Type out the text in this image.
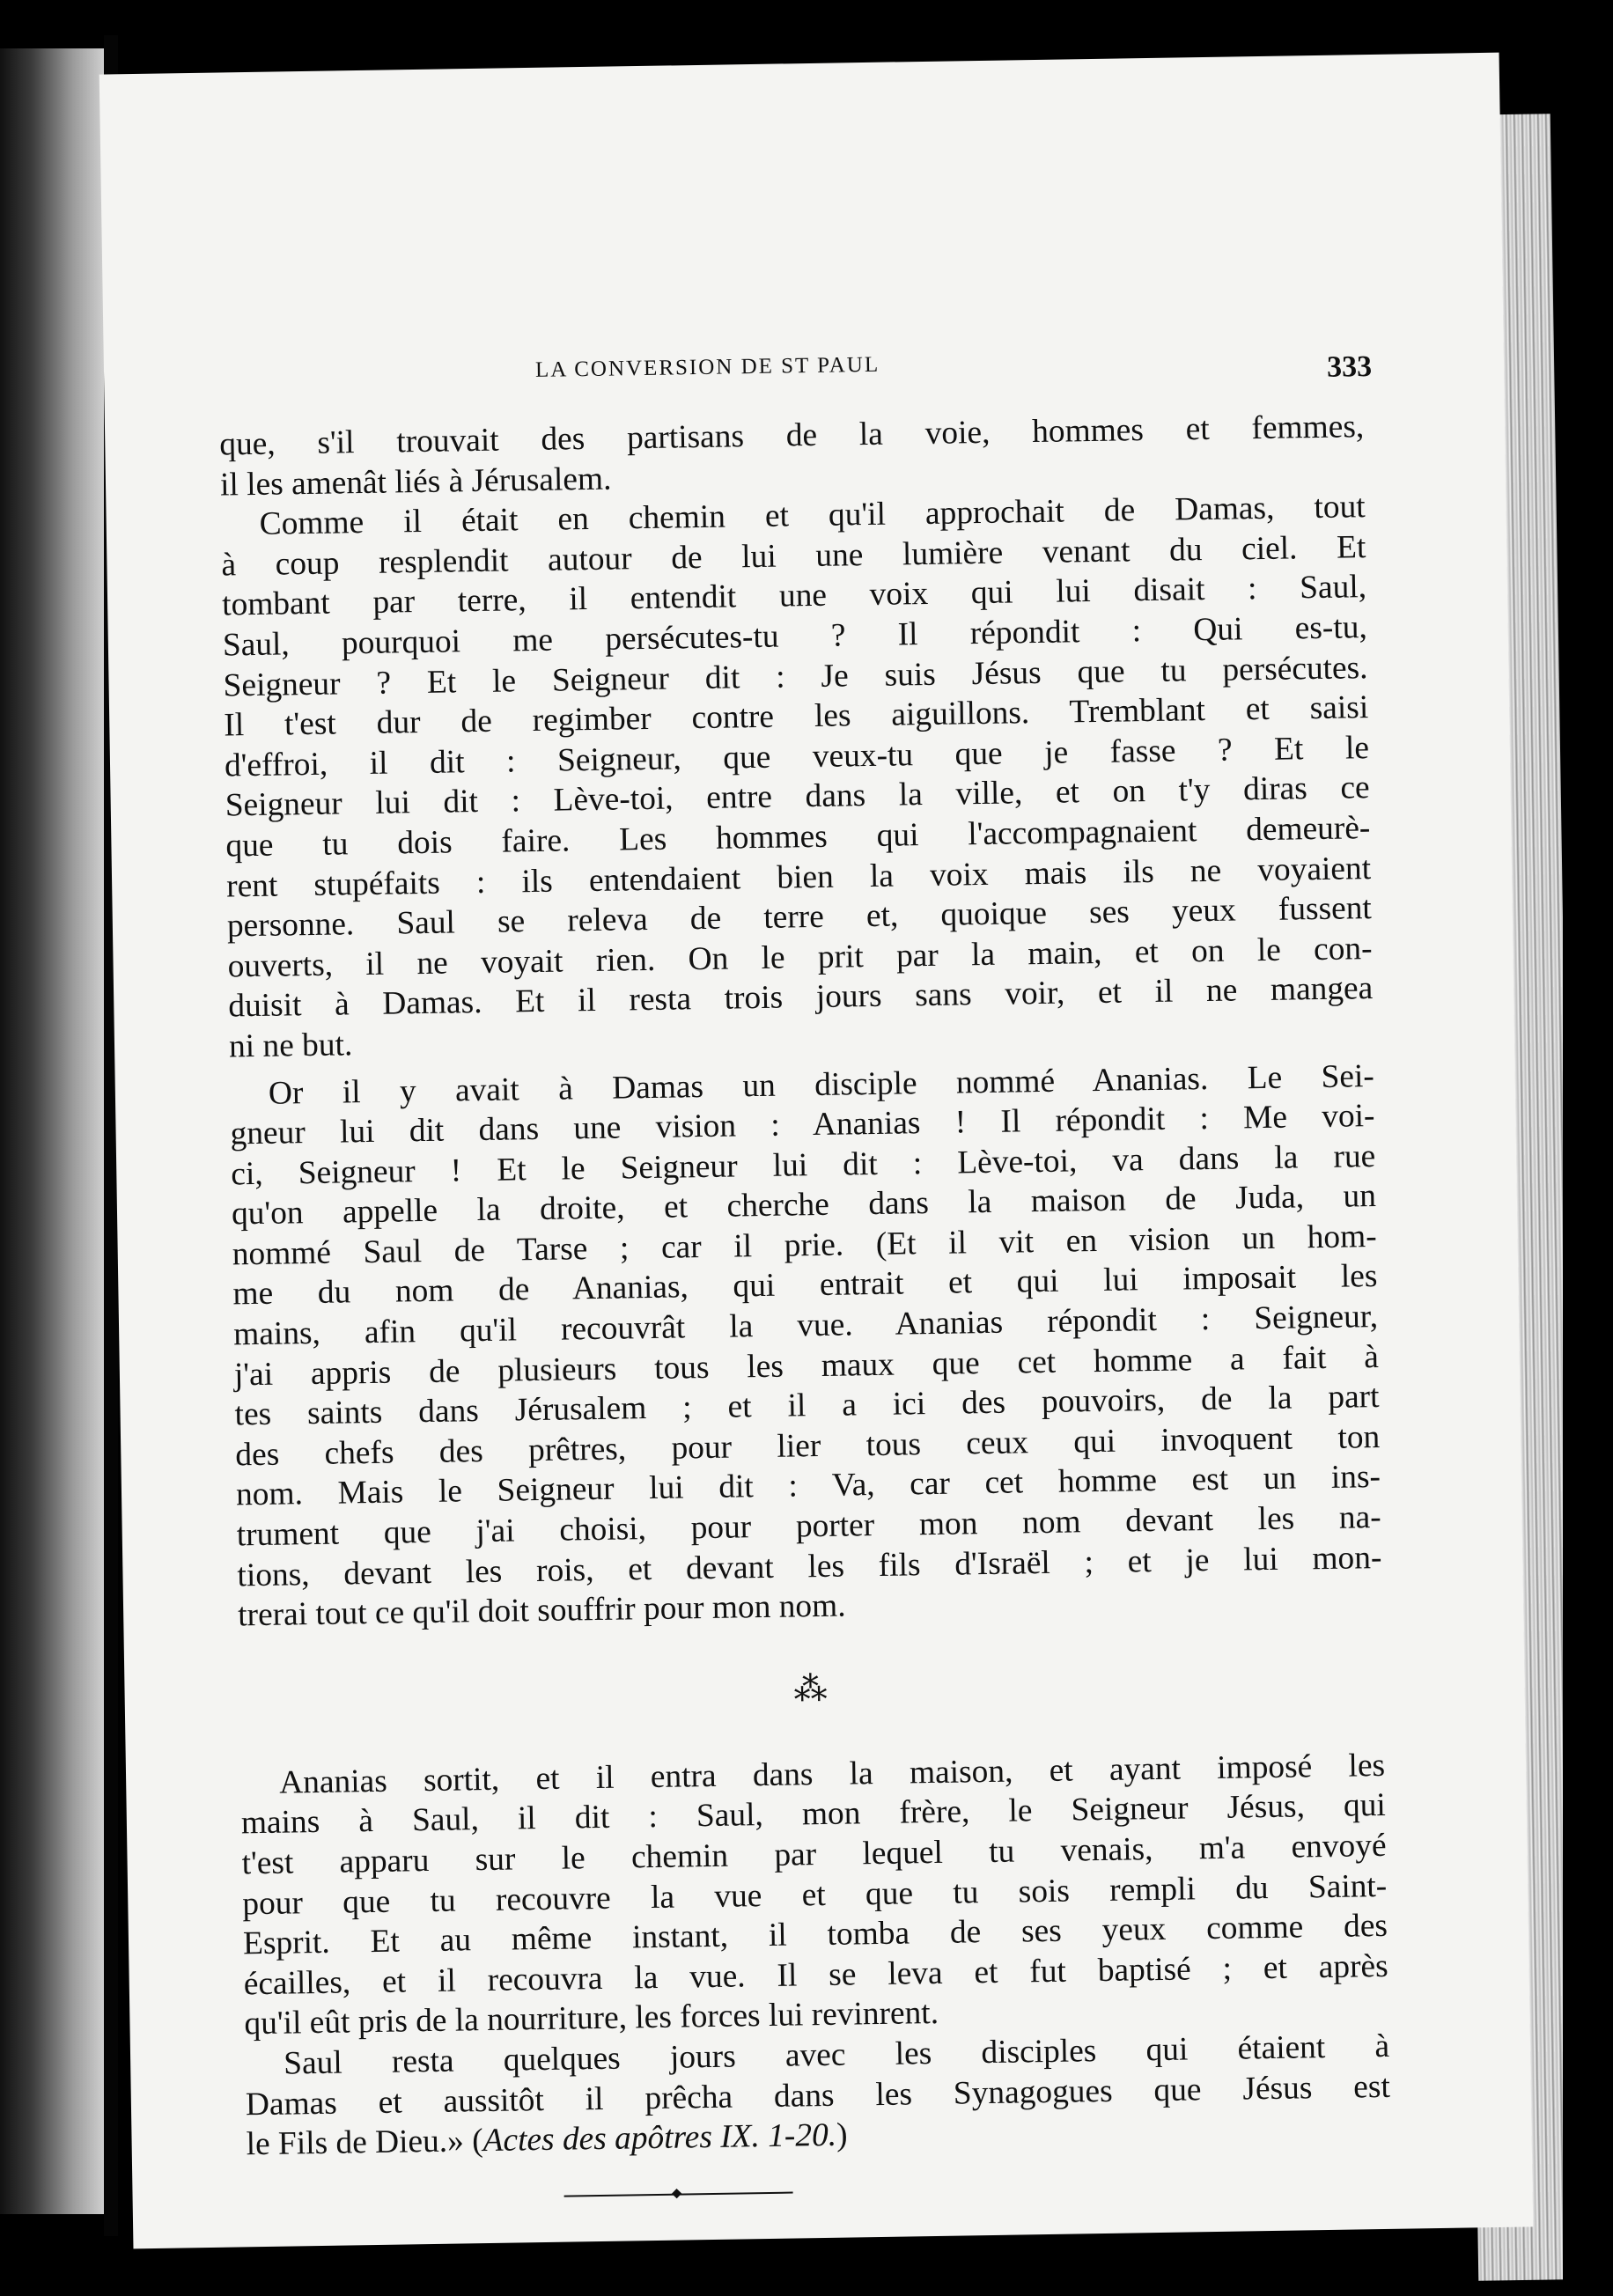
LA CONVERSION DE ST PAUL	333

que, s'il trouvait des partisans de la voie, hommes et femmes,
il les amenât liés à Jérusalem.

Comme il était en chemin et qu'il approchait de Damas, tout
à coup resplendit autour de lui une lumière venant du ciel. Et
tombant par terre, il entendit une voix qui lui disait : Saul,
Saul, pourquoi me persécutes-tu ? Il répondit : Qui es-tu,
Seigneur ? Et le Seigneur dit : Je suis Jésus que tu persécutes.
Il t'est dur de regimber contre les aiguillons. Tremblant et saisi
d'effroi, il dit : Seigneur, que veux-tu que je fasse ? Et le
Seigneur lui dit : Lève-toi, entre dans la ville, et on t'y diras ce
que tu dois faire. Les hommes qui l'accompagnaient demeurè-
rent stupéfaits : ils entendaient bien la voix mais ils ne voyaient
personne. Saul se releva de terre et, quoique ses yeux fussent
ouverts, il ne voyait rien. On le prit par la main, et on le con-
duisit à Damas. Et il resta trois jours sans voir, et il ne mangea
ni ne but.

Or il y avait à Damas un disciple nommé Ananias. Le Sei-
gneur lui dit dans une vision : Ananias ! Il répondit : Me voi-
ci, Seigneur ! Et le Seigneur lui dit : Lève-toi, va dans la rue
qu'on appelle la droite, et cherche dans la maison de Juda, un
nommé Saul de Tarse ; car il prie. (Et il vit en vision un hom-
me du nom de Ananias, qui entrait et qui lui imposait les
mains, afin qu'il recouvrât la vue. Ananias répondit : Seigneur,
j'ai appris de plusieurs tous les maux que cet homme a fait à
tes saints dans Jérusalem ; et il a ici des pouvoirs, de la part
des chefs des prêtres, pour lier tous ceux qui invoquent ton
nom. Mais le Seigneur lui dit : Va, car cet homme est un ins-
trument que j'ai choisi, pour porter mon nom devant les na-
tions, devant les rois, et devant les fils d'Israël ; et je lui mon-
trerai tout ce qu'il doit souffrir pour mon nom.

⁂

Ananias sortit, et il entra dans la maison, et ayant imposé les
mains à Saul, il dit : Saul, mon frère, le Seigneur Jésus, qui
t'est apparu sur le chemin par lequel tu venais, m'a envoyé
pour que tu recouvre la vue et que tu sois rempli du Saint-
Esprit. Et au même instant, il tomba de ses yeux comme des
écailles, et il recouvra la vue. Il se leva et fut baptisé ; et après
qu'il eût pris de la nourriture, les forces lui revinrent.

Saul resta quelques jours avec les disciples qui étaient à
Damas et aussitôt il prêcha dans les Synagogues que Jésus est
le Fils de Dieu.» (Actes des apôtres IX. 1-20.)
